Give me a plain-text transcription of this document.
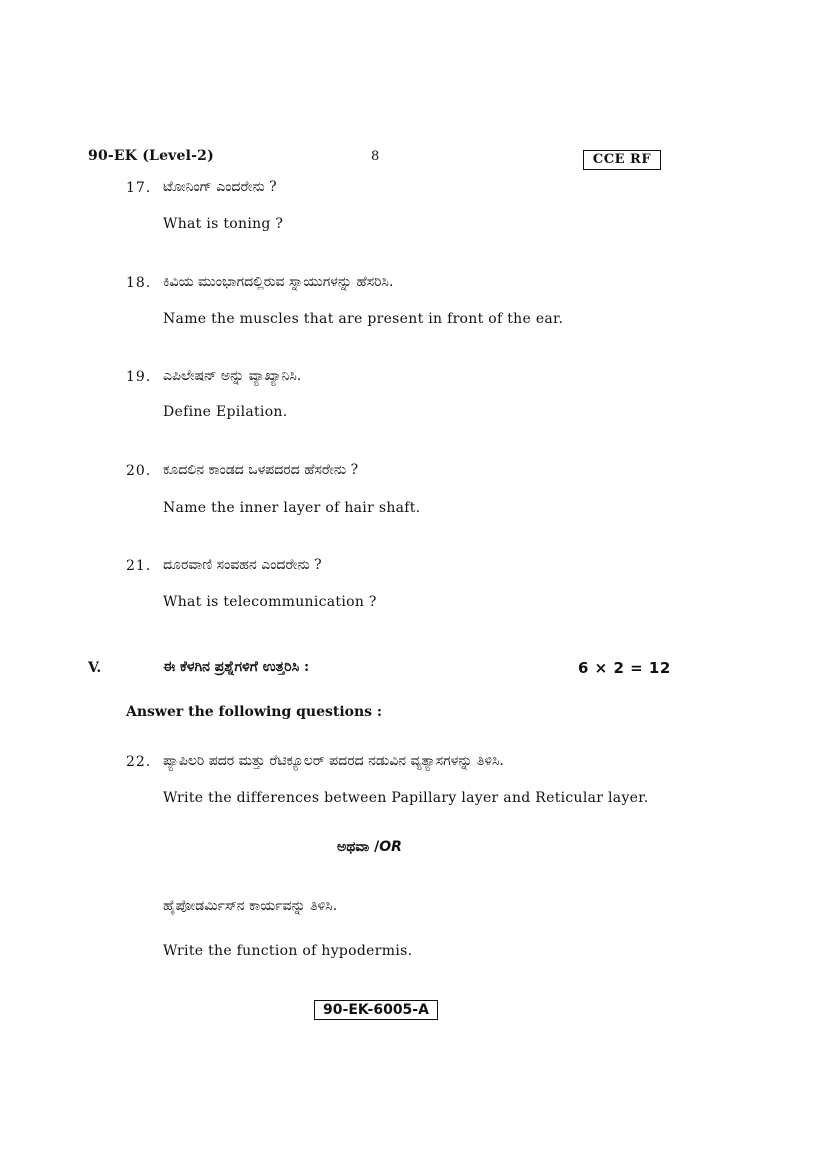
90-EK (Level-2)	8	CCE RF
17. ಟೋನಿಂಗ್ ಎಂದರೇನು ?
What is toning ?
18. ಕಿವಿಯ ಮುಂಭಾಗದಲ್ಲಿರುವ ಸ್ನಾಯುಗಳನ್ನು ಹೆಸರಿಸಿ.
Name the muscles that are present in front of the ear.
19. ಎಪಿಲೇಷನ್ ಅನ್ನು ವ್ಯಾಖ್ಯಾನಿಸಿ.
Define Epilation.
20. ಕೂದಲಿನ ಕಾಂಡದ ಒಳಪದರದ ಹೆಸರೇನು ?
Name the inner layer of hair shaft.
21. ದೂರವಾಣಿ ಸಂವಹನ ಎಂದರೇನು ?
What is telecommunication ?
V.	ಈ ಕೆಳಗಿನ ಪ್ರಶ್ನೆಗಳಿಗೆ ಉತ್ತರಿಸಿ :	6 × 2 = 12
Answer the following questions :
22. ಪ್ಯಾಪಿಲರಿ ಪದರ ಮತ್ತು ರೆಟಿಕ್ಯೂಲರ್ ಪದರದ ನಡುವಿನ ವ್ಯತ್ಯಾಸಗಳನ್ನು ತಿಳಿಸಿ.
Write the differences between Papillary layer and Reticular layer.
ಅಥವಾ /OR
ಹೈಪೋಡರ್ಮಿಸ್‌ನ ಕಾರ್ಯವನ್ನು ತಿಳಿಸಿ.
Write the function of hypodermis.
90-EK-6005-A
